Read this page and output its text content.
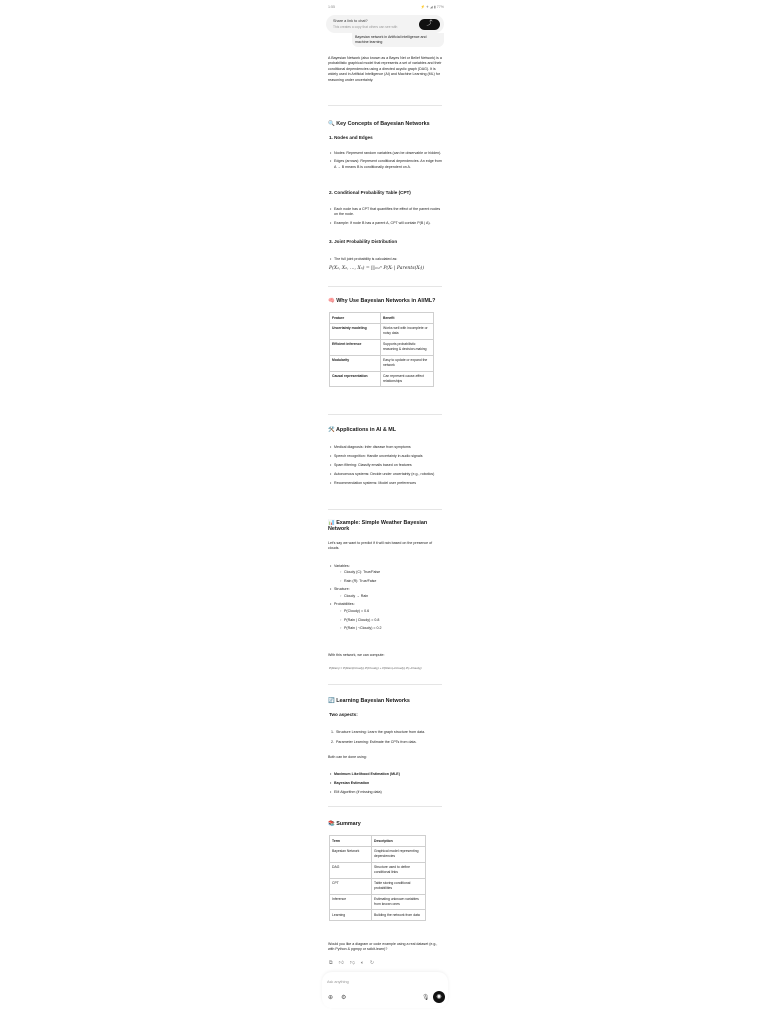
1:55	⚡ ✈ ◢ ▮ 77%
Share a link to chat?
This creates a copy that others can see with	⤴
Bayesian network in Artificial intelligence and machine learning
A Bayesian Network (also known as a Bayes Net or Belief Network) is a probabilistic graphical model that represents a set of variables and their conditional dependencies using a directed acyclic graph (DAG). It is widely used in Artificial Intelligence (AI) and Machine Learning (ML) for reasoning under uncertainty.
🔍 Key Concepts of Bayesian Networks
1. Nodes and Edges
• Nodes: Represent random variables (can be observable or hidden).
• Edges (arrows): Represent conditional dependencies. An edge from A → B means B is conditionally dependent on A.
2. Conditional Probability Table (CPT)
• Each node has a CPT that quantifies the effect of the parent nodes on the node.
• Example: If node B has a parent A, CPT will contain P(B | A).
3. Joint Probability Distribution
• The full joint probability is calculated as:
P(X₁, X₂, …, Xₙ) = ∏ᵢ₌₁ⁿ P(Xᵢ | Parents(Xᵢ))
🧠 Why Use Bayesian Networks in AI/ML?
Feature	Benefit
Uncertainty modeling	Works well with incomplete or noisy data
Efficient inference	Supports probabilistic reasoning & decision-making
Modularity	Easy to update or expand the network
Causal representation	Can represent cause-effect relationships
🛠️ Applications in AI & ML
• Medical diagnosis: Infer disease from symptoms
• Speech recognition: Handle uncertainty in audio signals
• Spam filtering: Classify emails based on features
• Autonomous systems: Decide under uncertainty (e.g., robotics)
• Recommendation systems: Model user preferences
📊 Example: Simple Weather Bayesian Network
Let's say we want to predict if it will rain based on the presence of clouds.
• Variables:
◦ Cloudy (C): True/False
◦ Rain (R): True/False
• Structure:
◦ Cloudy → Rain
• Probabilities:
◦ P(Cloudy) = 0.6
◦ P(Rain | Cloudy) = 0.8
◦ P(Rain | ¬Cloudy) = 0.2
With this network, we can compute:
P(Rain) = P(Rain|Cloudy)·P(Cloudy) + P(Rain|¬Cloudy)·P(¬Cloudy)
🔄 Learning Bayesian Networks
Two aspects:
1. Structure Learning: Learn the graph structure from data.
2. Parameter Learning: Estimate the CPTs from data.
Both can be done using:
• Maximum Likelihood Estimation (MLE)
• Bayesian Estimation
• EM Algorithm (if missing data)
📚 Summary
Term	Description
Bayesian Network	Graphical model representing dependencies
DAG	Structure used to define conditional links
CPT	Table storing conditional probabilities
Inference	Estimating unknown variables from known ones
Learning	Building the network from data
Would you like a diagram or code example using a real dataset (e.g., with Python & pgmpy or scikit-learn)?
⧉ 👍︎ 👎︎ 🔈︎ ↻
Ask anything
⊕ ⚙	🎙︎	◉
